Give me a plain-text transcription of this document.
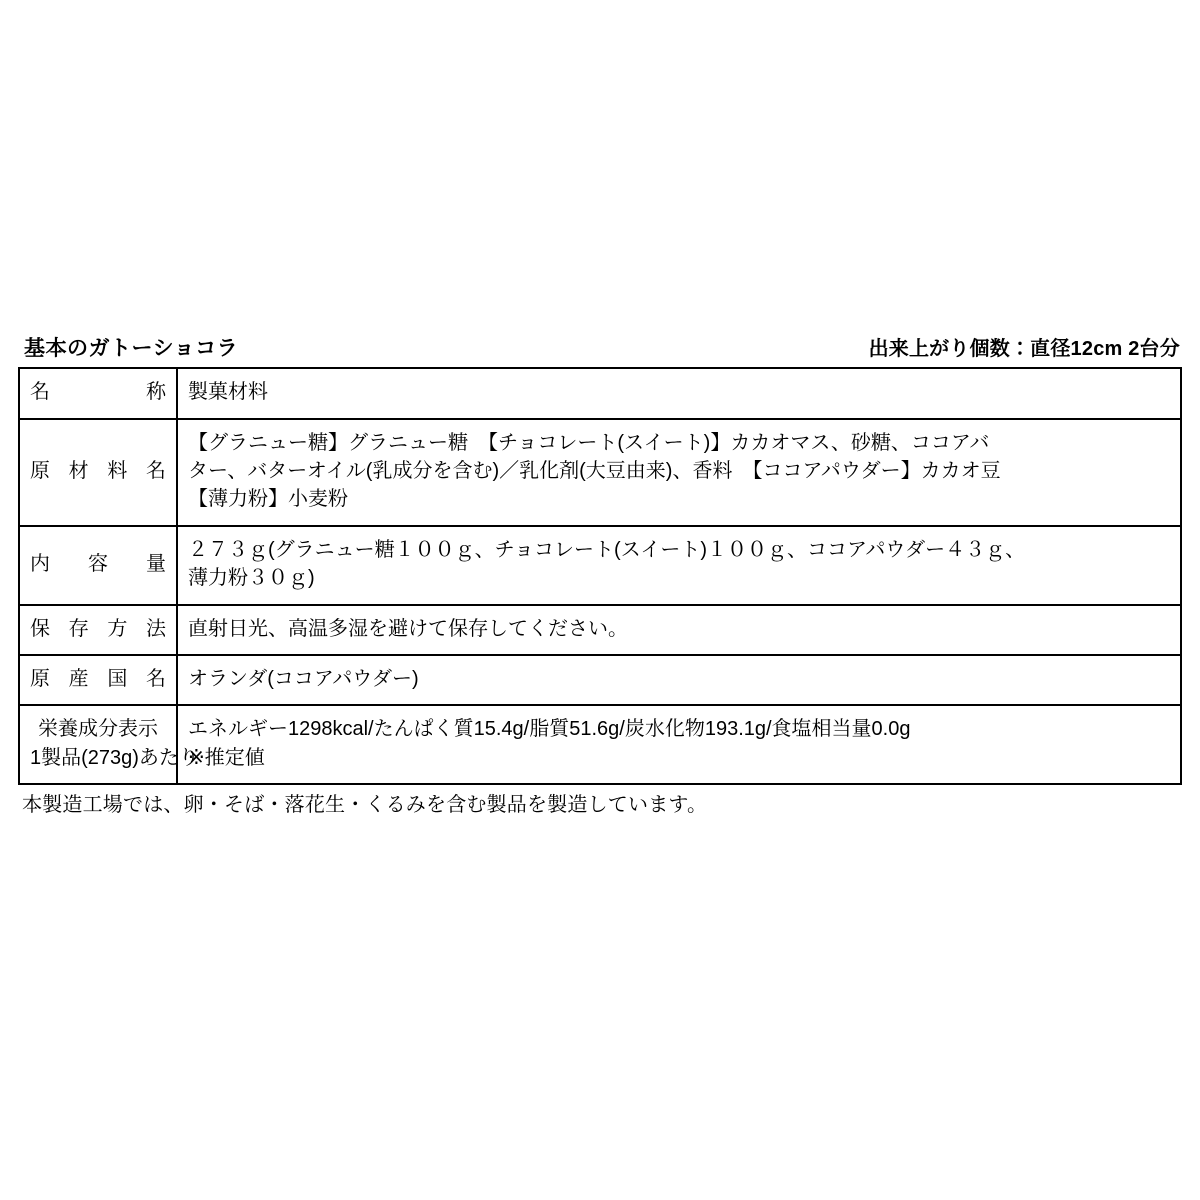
基本のガトーショコラ	出来上がり個数：直径12cm 2台分
名称	製菓材料

原材料名	【グラニュー糖】グラニュー糖　【チョコレート(スイート)】カカオマス、砂糖、ココアバ
ター、バターオイル(乳成分を含む)／乳化剤(大豆由来)、香料　【ココアパウダー】カカオ豆
【薄力粉】小麦粉

内容量	２７３ｇ(グラニュー糖１００ｇ、チョコレート(スイート)１００ｇ、ココアパウダー４３ｇ、
薄力粉３０ｇ)

保存方法	直射日光、高温多湿を避けて保存してください。

原産国名	オランダ(ココアパウダー)

栄養成分表示
1製品(273g)あたり	エネルギー1298kcal/たんぱく質15.4g/脂質51.6g/炭水化物193.1g/食塩相当量0.0g
※推定値
本製造工場では、卵・そば・落花生・くるみを含む製品を製造しています。
